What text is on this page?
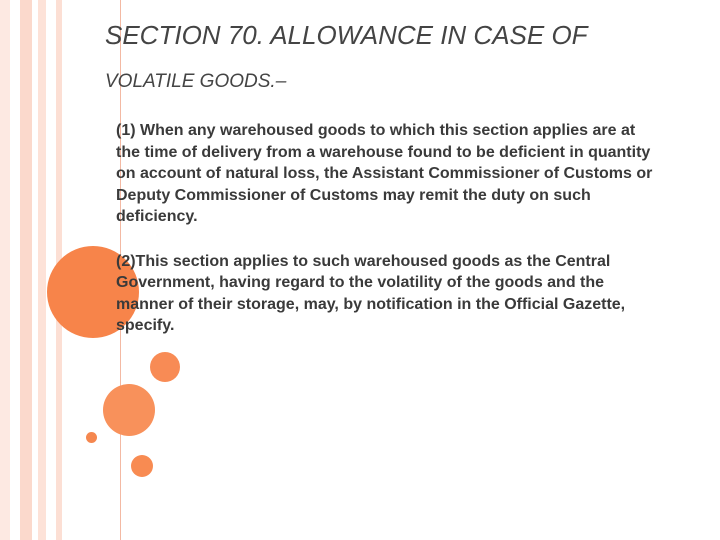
SECTION 70. ALLOWANCE IN CASE OF
VOLATILE GOODS.–

(1) When any warehoused goods to which this section applies are at the time of delivery from a warehouse found to be deficient in quantity on account of natural loss, the Assistant Commissioner of Customs or Deputy Commissioner of Customs may remit the duty on such deficiency.

(2)This section applies to such warehoused goods as the Central Government, having regard to the volatility of the goods and the manner of their storage, may, by notification in the Official Gazette, specify.
